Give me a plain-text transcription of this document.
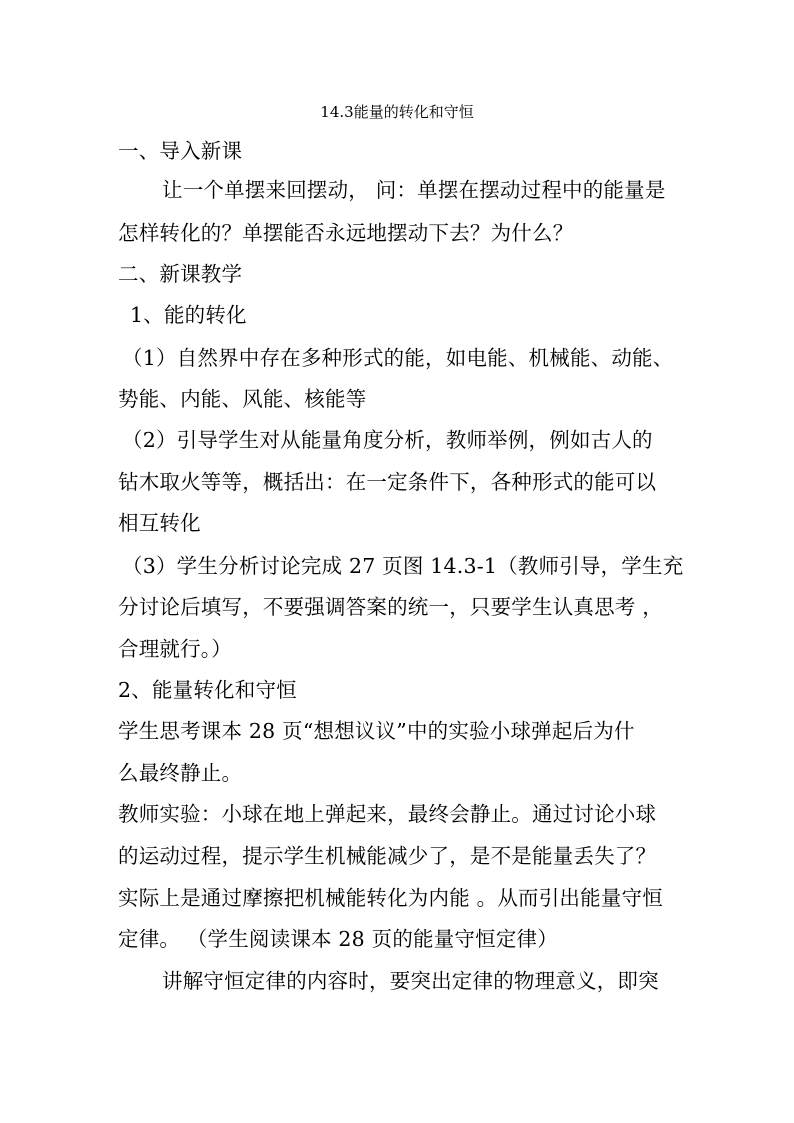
14.3能量的转化和守恒
一、导入新课
让一个单摆来回摆动， 问：单摆在摆动过程中的能量是
怎样转化的？单摆能否永远地摆动下去？为什么？
二、新课教学
1、能的转化
（1）自然界中存在多种形式的能，如电能、机械能、动能、
势能、内能、风能、核能等
（2）引导学生对从能量角度分析，教师举例，例如古人的
钻木取火等等，概括出：在一定条件下，各种形式的能可以
相互转化
（3）学生分析讨论完成 27 页图 14.3-1（教师引导，学生充
分讨论后填写，不要强调答案的统一，只要学生认真思考 ，
合理就行。）
2、能量转化和守恒
学生思考课本 28 页“想想议议”中的实验小球弹起后为什
么最终静止。
教师实验：小球在地上弹起来，最终会静止。通过讨论小球
的运动过程，提示学生机械能减少了，是不是能量丢失了？
实际上是通过摩擦把机械能转化为内能 。从而引出能量守恒
定律。 （学生阅读课本 28 页的能量守恒定律）
讲解守恒定律的内容时，要突出定律的物理意义，即突
